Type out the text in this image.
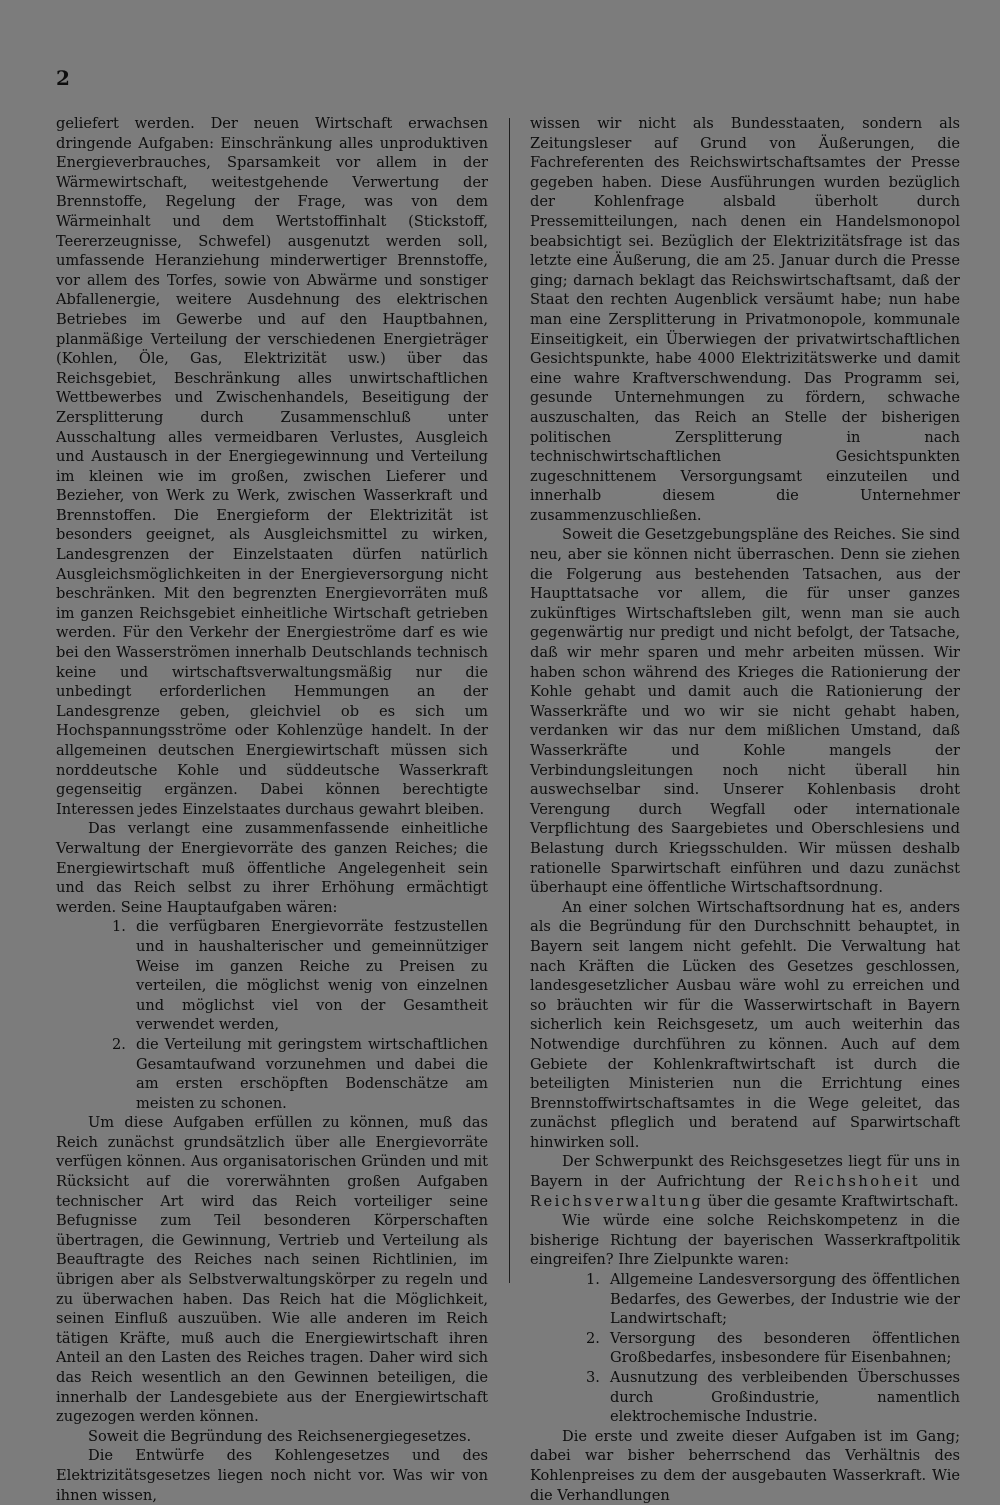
2

geliefert werden. Der neuen Wirtschaft erwachsen dringende Aufgaben: Einschränkung alles unproduktiven Energieverbrauches, Sparsamkeit vor allem in der Wärmewirtschaft, weitestgehende Verwertung der Brennstoffe, Regelung der Frage, was von dem Wärmeinhalt und dem Wertstoffinhalt (Stickstoff, Teererzeugnisse, Schwefel) ausgenutzt werden soll, umfassende Heranziehung minderwertiger Brennstoffe, vor allem des Torfes, sowie von Abwärme und sonstiger Abfallenergie, weitere Ausdehnung des elektrischen Betriebes im Gewerbe und auf den Hauptbahnen, planmäßige Verteilung der verschiedenen Energieträger (Kohlen, Öle, Gas, Elektrizität usw.) über das Reichsgebiet, Beschränkung alles unwirtschaftlichen Wettbewerbes und Zwischenhandels, Beseitigung der Zersplitterung durch Zusammenschluß unter Ausschaltung alles vermeidbaren Verlustes, Ausgleich und Austausch in der Energiegewinnung und Verteilung im kleinen wie im großen, zwischen Lieferer und Bezieher, von Werk zu Werk, zwischen Wasserkraft und Brennstoffen. Die Energieform der Elektrizität ist besonders geeignet, als Ausgleichsmittel zu wirken, Landesgrenzen der Einzelstaaten dürfen natürlich Ausgleichsmöglichkeiten in der Energieversorgung nicht beschränken. Mit den begrenzten Energievorräten muß im ganzen Reichsgebiet einheitliche Wirtschaft getrieben werden. Für den Verkehr der Energieströme darf es wie bei den Wasserströmen innerhalb Deutschlands technisch keine und wirtschaftsverwaltungsmäßig nur die unbedingt erforderlichen Hemmungen an der Landesgrenze geben, gleichviel ob es sich um Hochspannungsströme oder Kohlenzüge handelt. In der allgemeinen deutschen Energiewirtschaft müssen sich norddeutsche Kohle und süddeutsche Wasserkraft gegenseitig ergänzen. Dabei können berechtigte Interessen jedes Einzelstaates durchaus gewahrt bleiben.

Das verlangt eine zusammenfassende einheitliche Verwaltung der Energievorräte des ganzen Reiches; die Energiewirtschaft muß öffentliche Angelegenheit sein und das Reich selbst zu ihrer Erhöhung ermächtigt werden. Seine Hauptaufgaben wären:

1. die verfügbaren Energievorräte festzustellen und in haushalterischer und gemeinnütziger Weise im ganzen Reiche zu Preisen zu verteilen, die möglichst wenig von einzelnen und möglichst viel von der Gesamtheit verwendet werden,
2. die Verteilung mit geringstem wirtschaftlichen Gesamtaufwand vorzunehmen und dabei die am ersten erschöpften Bodenschätze am meisten zu schonen.

Um diese Aufgaben erfüllen zu können, muß das Reich zunächst grundsätzlich über alle Energievorräte verfügen können. Aus organisatorischen Gründen und mit Rücksicht auf die vorerwähnten großen Aufgaben technischer Art wird das Reich vorteiliger seine Befugnisse zum Teil besonderen Körperschaften übertragen, die Gewinnung, Vertrieb und Verteilung als Beauftragte des Reiches nach seinen Richtlinien, im übrigen aber als Selbstverwaltungskörper zu regeln und zu überwachen haben. Das Reich hat die Möglichkeit, seinen Einfluß auszuüben. Wie alle anderen im Reich tätigen Kräfte, muß auch die Energiewirtschaft ihren Anteil an den Lasten des Reiches tragen. Daher wird sich das Reich wesentlich an den Gewinnen beteiligen, die innerhalb der Landesgebiete aus der Energiewirtschaft zugezogen werden können.

Soweit die Begründung des Reichsenergiegesetzes.

Die Entwürfe des Kohlengesetzes und des Elektrizitätsgesetzes liegen noch nicht vor. Was wir von ihnen wissen,

wissen wir nicht als Bundesstaaten, sondern als Zeitungsleser auf Grund von Äußerungen, die Fachreferenten des Reichswirtschaftsamtes der Presse gegeben haben. Diese Ausführungen wurden bezüglich der Kohlenfrage alsbald überholt durch Pressemitteilungen, nach denen ein Handelsmonopol beabsichtigt sei. Bezüglich der Elektrizitätsfrage ist das letzte eine Äußerung, die am 25. Januar durch die Presse ging; darnach beklagt das Reichswirtschaftsamt, daß der Staat den rechten Augenblick versäumt habe; nun habe man eine Zersplitterung in Privatmonopole, kommunale Einseitigkeit, ein Überwiegen der privatwirtschaftlichen Gesichtspunkte, habe 4000 Elektrizitätswerke und damit eine wahre Kraftverschwendung. Das Programm sei, gesunde Unternehmungen zu fördern, schwache auszuschalten, das Reich an Stelle der bisherigen politischen Zersplitterung in nach technischwirtschaftlichen Gesichtspunkten zugeschnittenem Versorgungsamt einzuteilen und innerhalb diesem die Unternehmer zusammenzuschließen.

Soweit die Gesetzgebungspläne des Reiches. Sie sind neu, aber sie können nicht überraschen. Denn sie ziehen die Folgerung aus bestehenden Tatsachen, aus der Haupttatsache vor allem, die für unser ganzes zukünftiges Wirtschaftsleben gilt, wenn man sie auch gegenwärtig nur predigt und nicht befolgt, der Tatsache, daß wir mehr sparen und mehr arbeiten müssen. Wir haben schon während des Krieges die Rationierung der Kohle gehabt und damit auch die Rationierung der Wasserkräfte und wo wir sie nicht gehabt haben, verdanken wir das nur dem mißlichen Umstand, daß Wasserkräfte und Kohle mangels der Verbindungsleitungen noch nicht überall hin auswechselbar sind. Unserer Kohlenbasis droht Verengung durch Wegfall oder internationale Verpflichtung des Saargebietes und Oberschlesiens und Belastung durch Kriegsschulden. Wir müssen deshalb rationelle Sparwirtschaft einführen und dazu zunächst überhaupt eine öffentliche Wirtschaftsordnung.

An einer solchen Wirtschaftsordnung hat es, anders als die Begründung für den Durchschnitt behauptet, in Bayern seit langem nicht gefehlt. Die Verwaltung hat nach Kräften die Lücken des Gesetzes geschlossen, landesgesetzlicher Ausbau wäre wohl zu erreichen und so bräuchten wir für die Wasserwirtschaft in Bayern sicherlich kein Reichsgesetz, um auch weiterhin das Notwendige durchführen zu können. Auch auf dem Gebiete der Kohlenkraftwirtschaft ist durch die beteiligten Ministerien nun die Errichtung eines Brennstoffwirtschaftsamtes in die Wege geleitet, das zunächst pfleglich und beratend auf Sparwirtschaft hinwirken soll.

Der Schwerpunkt des Reichsgesetzes liegt für uns in Bayern in der Aufrichtung der Reichshoheit und Reichsverwaltung über die gesamte Kraftwirtschaft.

Wie würde eine solche Reichskompetenz in die bisherige Richtung der bayerischen Wasserkraftpolitik eingreifen? Ihre Zielpunkte waren:

1. Allgemeine Landesversorgung des öffentlichen Bedarfes, des Gewerbes, der Industrie wie der Landwirtschaft;
2. Versorgung des besonderen öffentlichen Großbedarfes, insbesondere für Eisenbahnen;
3. Ausnutzung des verbleibenden Überschusses durch Großindustrie, namentlich elektrochemische Industrie.

Die erste und zweite dieser Aufgaben ist im Gang; dabei war bisher beherrschend das Verhältnis des Kohlenpreises zu dem der ausgebauten Wasserkraft. Wie die Verhandlungen
